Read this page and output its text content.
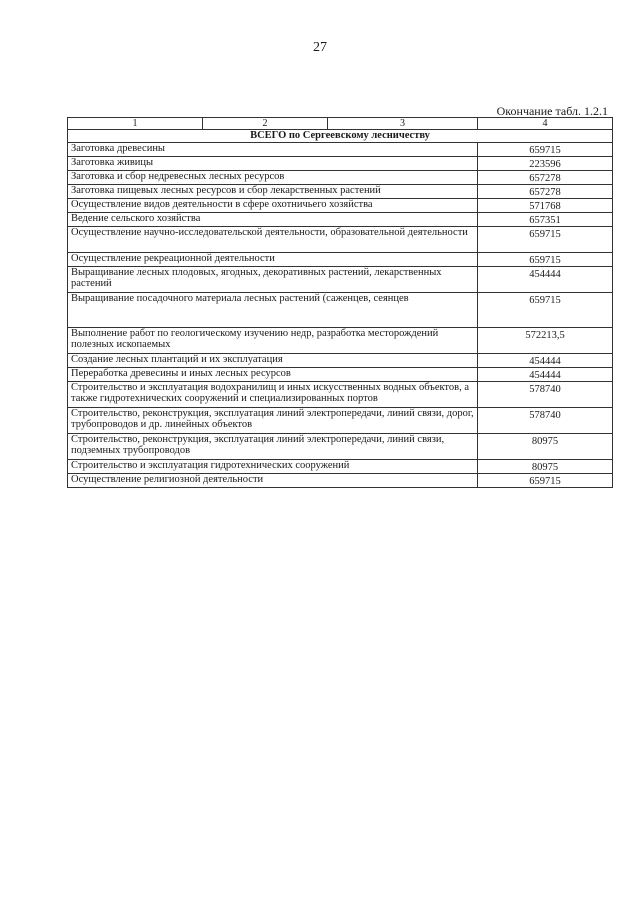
27
Окончание табл. 1.2.1
1	2	3	4
ВСЕГО по Сергеевскому лесничеству			
Заготовка древесины			659715
Заготовка живицы			223596
Заготовка и сбор недревесных лесных ресурсов			657278
Заготовка пищевых лесных ресурсов и сбор лекарственных растений			657278
Осуществление видов деятельности в сфере охотничьего хозяйства			571768
Ведение сельского хозяйства			657351
Осуществление научно-исследовательской деятельности, образовательной деятельности			659715
Осуществление рекреационной деятельности			659715
Выращивание лесных плодовых, ягодных, декоративных растений, лекарственных растений			454444
Выращивание посадочного материала лесных растений (саженцев, сеянцев			659715
Выполнение работ по геологическому изучению недр, разработка месторождений полезных ископаемых			572213,5
Создание лесных плантаций и их эксплуатация			454444
Переработка древесины и иных лесных ресурсов			454444
Строительство и эксплуатация водохранилищ и иных искусственных водных объектов, а также гидротехнических сооружений и специализированных портов			578740
Строительство, реконструкция, эксплуатация линий электропередачи, линий связи, дорог, трубопроводов и др. линейных объектов			578740
Строительство, реконструкция, эксплуатация линий электропередачи, линий связи, подземных трубопроводов			80975
Строительство и эксплуатация гидротехнических сооружений			80975
Осуществление религиозной деятельности			659715
